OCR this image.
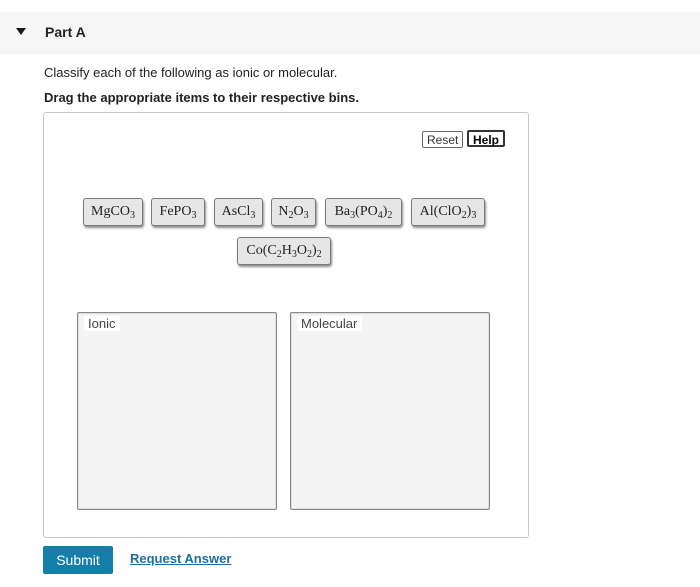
Part A
Classify each of the following as ionic or molecular.
Drag the appropriate items to their respective bins.
Reset	Help
MgCO$_3$	FePO$_3$	AsCl$_3$	$N_2O_3$	$Ba_3(PO_4)_2$	$Al(ClO_2)_3$
$Co(C_2H_3O_2)_2$
Ionic	Molecular
Submit	Request Answer
